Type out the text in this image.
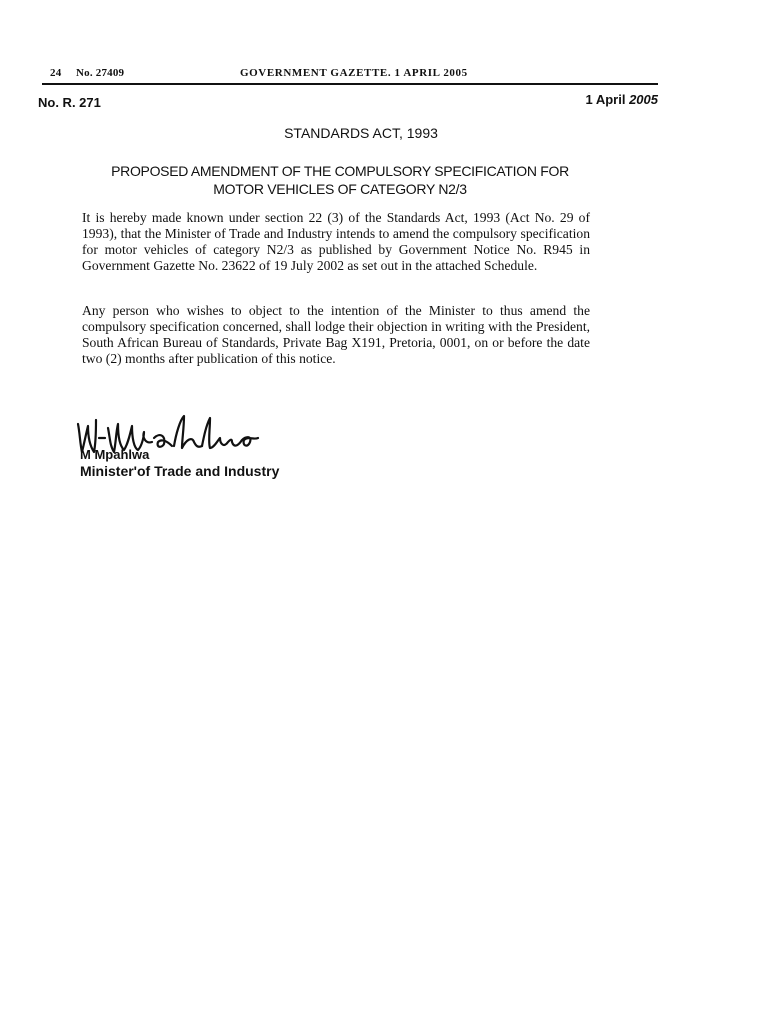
24 No. 27409	GOVERNMENT GAZETTE. 1 APRIL 2005
No. R. 271	1 April 2005
STANDARDS ACT, 1993
PROPOSED AMENDMENT OF THE COMPULSORY SPECIFICATION FOR
MOTOR VEHICLES OF CATEGORY N2/3

It is hereby made known under section 22 (3) of the Standards Act, 1993 (Act No. 29 of 1993), that the Minister of Trade and Industry intends to amend the compulsory specification for motor vehicles of category N2/3 as published by Government Notice No. R945 in Government Gazette No. 23622 of 19 July 2002 as set out in the attached Schedule.

Any person who wishes to object to the intention of the Minister to thus amend the compulsory specification concerned, shall lodge their objection in writing with the President, South African Bureau of Standards, Private Bag X191, Pretoria, 0001, on or before the date two (2) months after publication of this notice.

M Mpahlwa
Minister'of Trade and Industry
